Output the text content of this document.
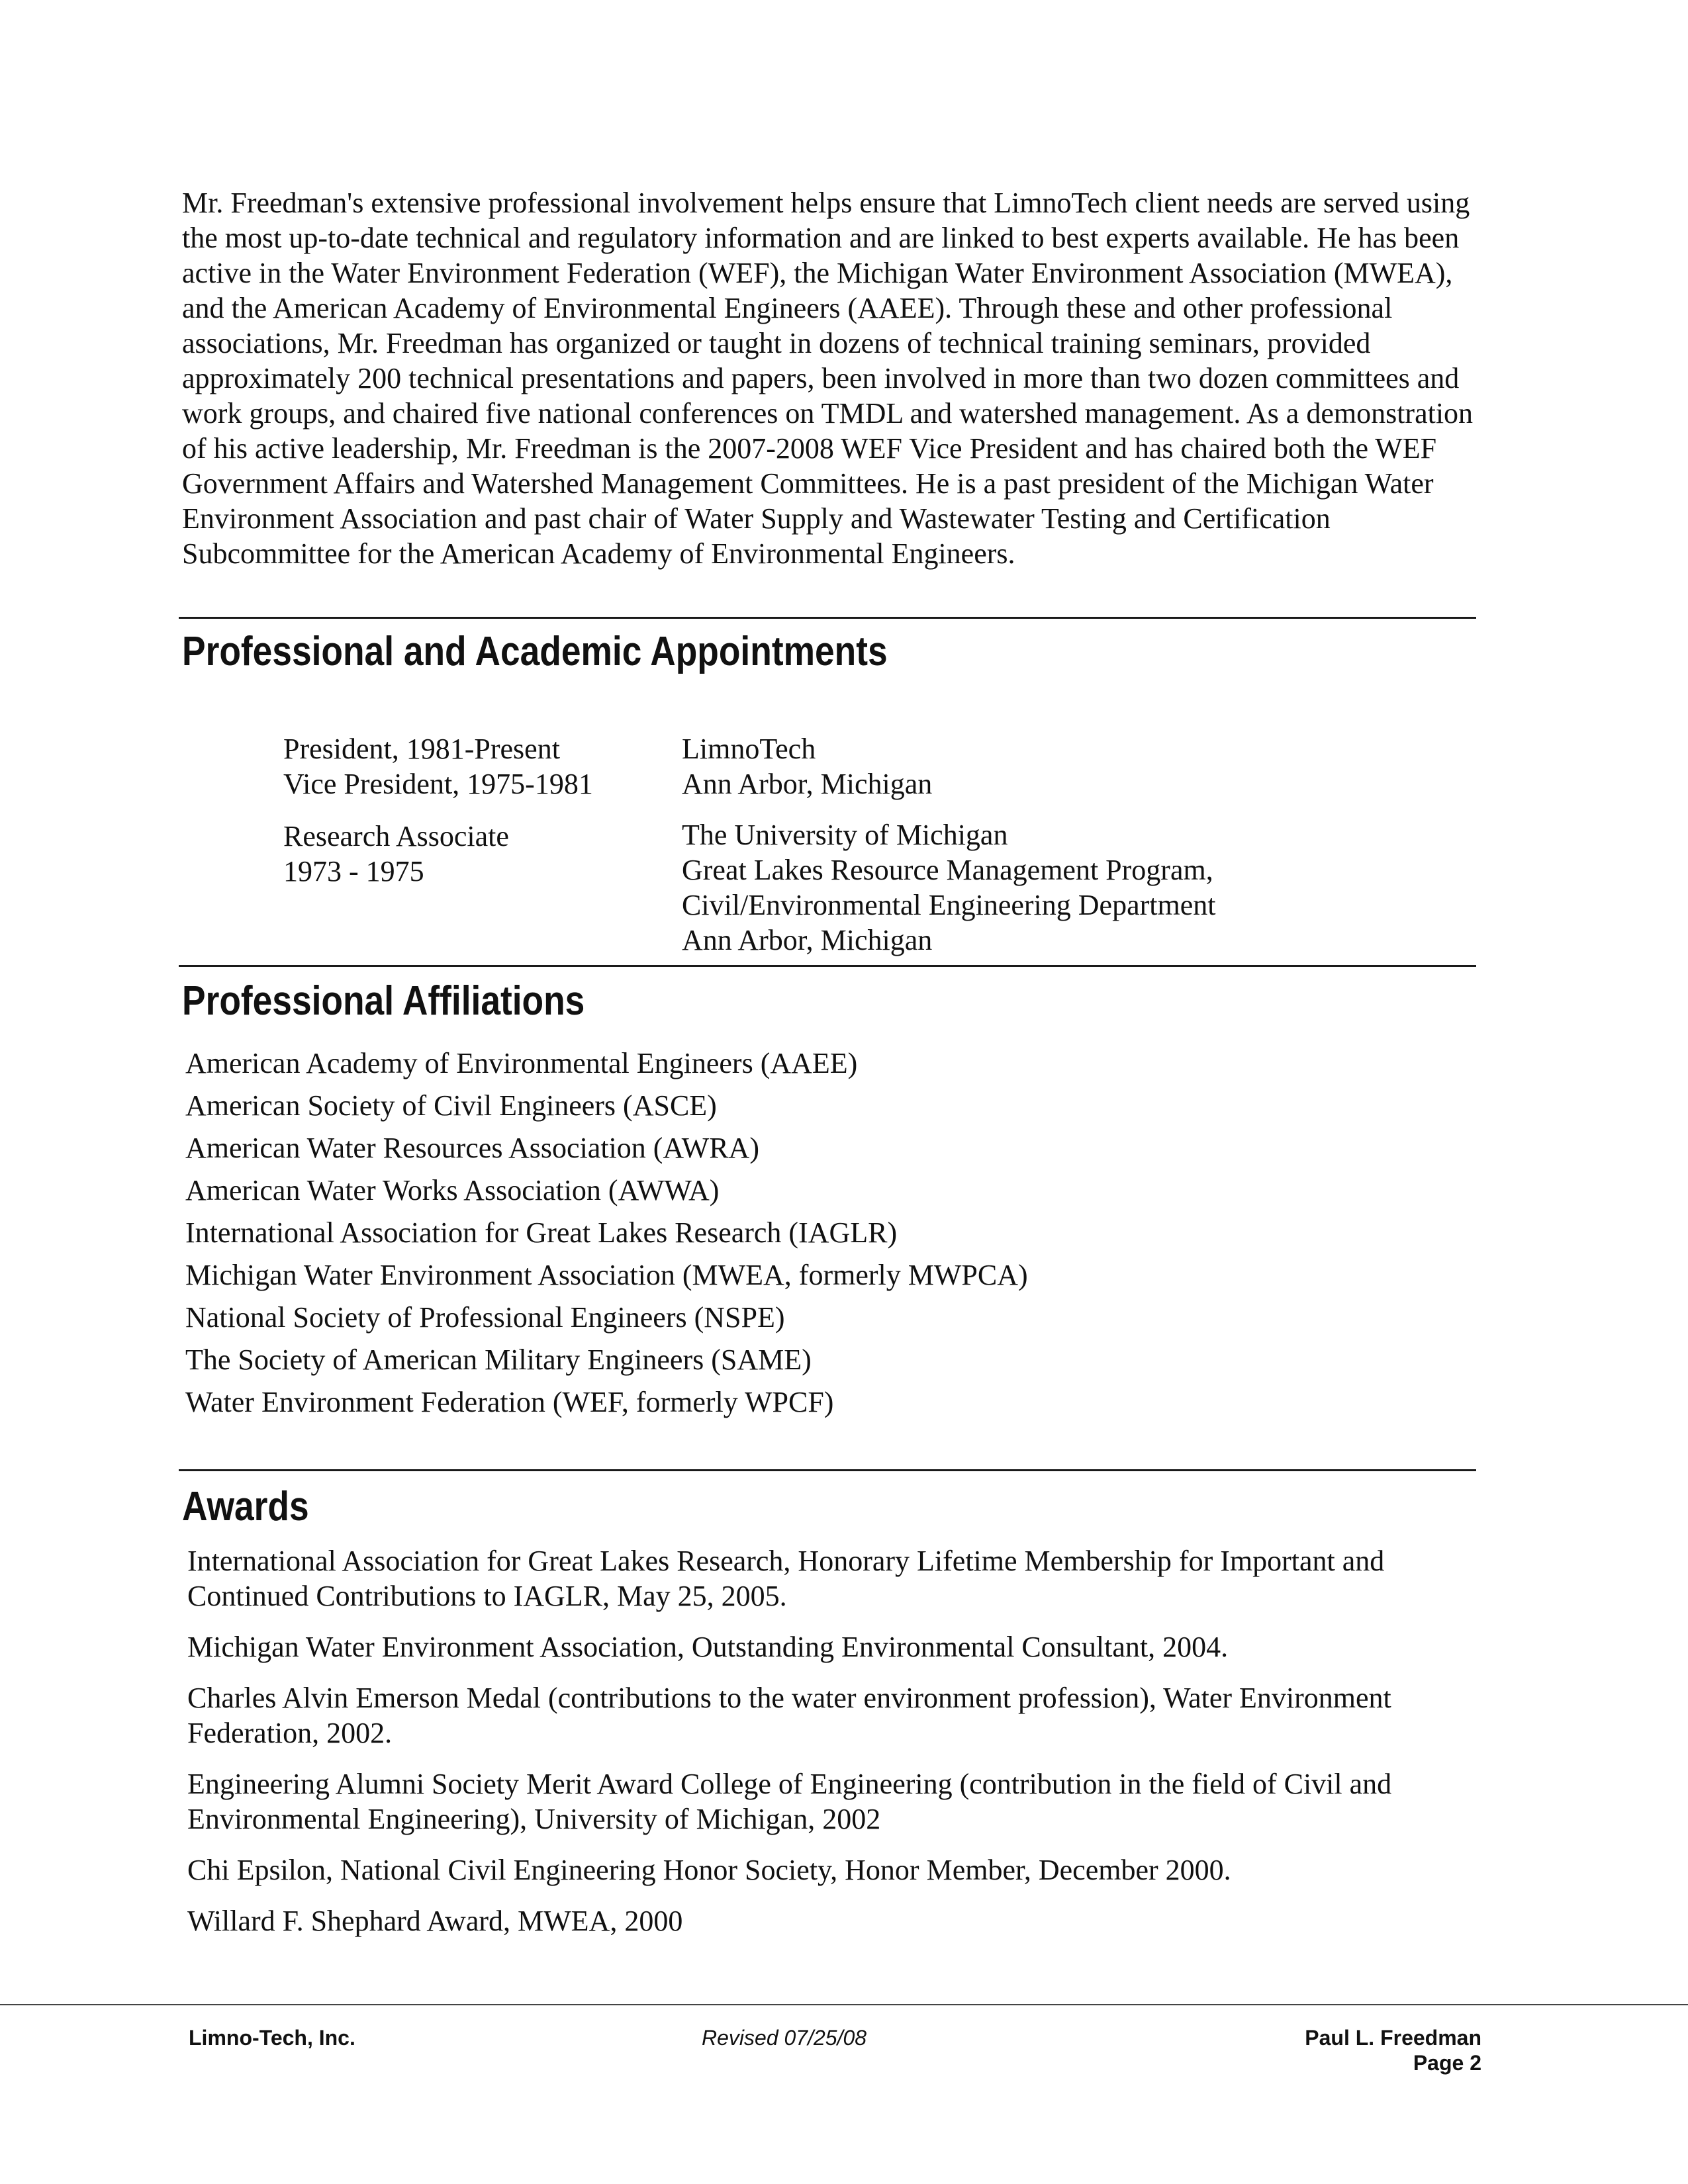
Mr. Freedman's extensive professional involvement helps ensure that LimnoTech client needs are served using the most up-to-date technical and regulatory information and are linked to best experts available. He has been active in the Water Environment Federation (WEF), the Michigan Water Environment Association (MWEA), and the American Academy of Environmental Engineers (AAEE). Through these and other professional associations, Mr. Freedman has organized or taught in dozens of technical training seminars, provided approximately 200 technical presentations and papers, been involved in more than two dozen committees and work groups, and chaired five national conferences on TMDL and watershed management. As a demonstration of his active leadership, Mr. Freedman is the 2007-2008 WEF Vice President and has chaired both the WEF Government Affairs and Watershed Management Committees. He is a past president of the Michigan Water Environment Association and past chair of Water Supply and Wastewater Testing and Certification Subcommittee for the American Academy of Environmental Engineers.

Professional and Academic Appointments
President, 1981-Present
Vice President, 1975-1981
LimnoTech
Ann Arbor, Michigan
Research Associate
1973 - 1975
The University of Michigan
Great Lakes Resource Management Program,
Civil/Environmental Engineering Department
Ann Arbor, Michigan
Professional Affiliations
American Academy of Environmental Engineers (AAEE)
American Society of Civil Engineers (ASCE)
American Water Resources Association (AWRA)
American Water Works Association (AWWA)
International Association for Great Lakes Research (IAGLR)
Michigan Water Environment Association (MWEA, formerly MWPCA)
National Society of Professional Engineers (NSPE)
The Society of American Military Engineers (SAME)
Water Environment Federation (WEF, formerly WPCF)
Awards
International Association for Great Lakes Research, Honorary Lifetime Membership for Important and Continued Contributions to IAGLR, May 25, 2005.
Michigan Water Environment Association, Outstanding Environmental Consultant, 2004.
Charles Alvin Emerson Medal (contributions to the water environment profession), Water Environment Federation, 2002.
Engineering Alumni Society Merit Award College of Engineering (contribution in the field of Civil and Environmental Engineering), University of Michigan, 2002
Chi Epsilon, National Civil Engineering Honor Society, Honor Member, December 2000.
Willard F. Shephard Award, MWEA, 2000
Limno-Tech, Inc.	Revised 07/25/08	Paul L. Freedman
Page 2
